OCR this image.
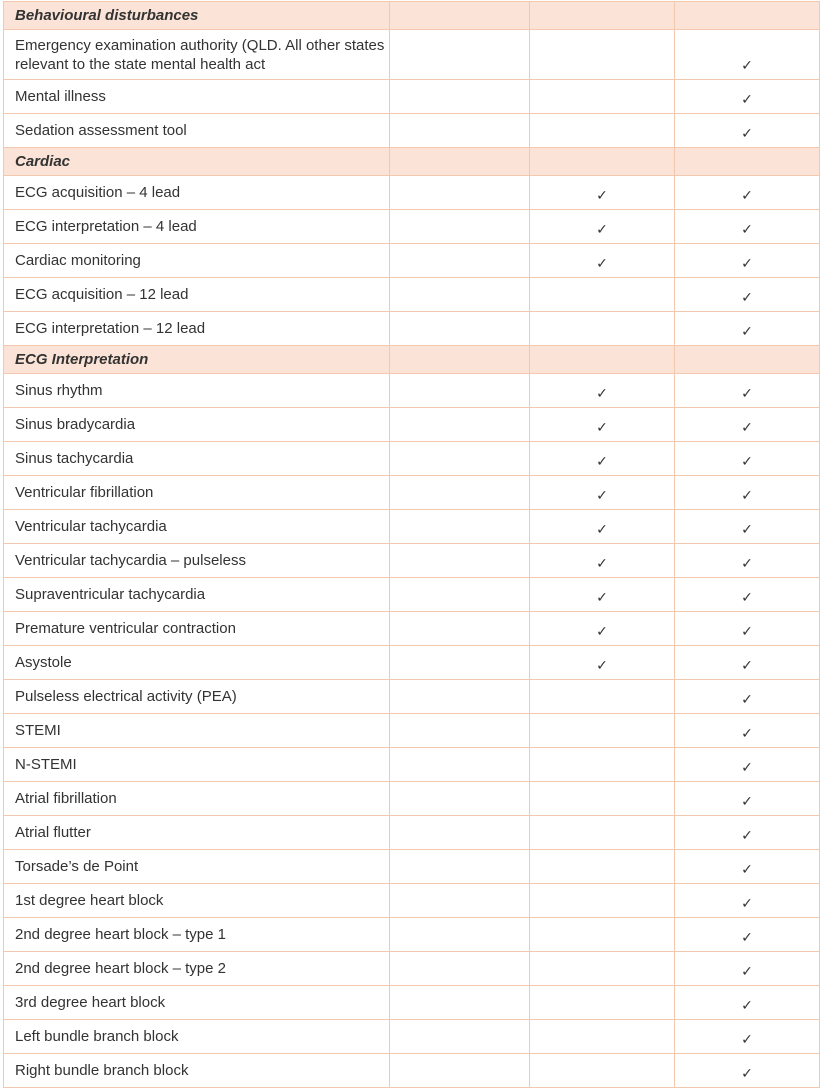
Behavioural disturbances			
Emergency examination authority (QLD. All other states relevant to the state mental health act			✓
Mental illness			✓
Sedation assessment tool			✓
Cardiac			
ECG acquisition – 4 lead		✓	✓
ECG interpretation – 4 lead		✓	✓
Cardiac monitoring		✓	✓
ECG acquisition – 12 lead			✓
ECG interpretation – 12 lead			✓
ECG Interpretation			
Sinus rhythm		✓	✓
Sinus bradycardia		✓	✓
Sinus tachycardia		✓	✓
Ventricular fibrillation		✓	✓
Ventricular tachycardia		✓	✓
Ventricular tachycardia – pulseless		✓	✓
Supraventricular tachycardia		✓	✓
Premature ventricular contraction		✓	✓
Asystole		✓	✓
Pulseless electrical activity (PEA)			✓
STEMI			✓
N-STEMI			✓
Atrial fibrillation			✓
Atrial flutter			✓
Torsade’s de Point			✓
1st degree heart block			✓
2nd degree heart block – type 1			✓
2nd degree heart block – type 2			✓
3rd degree heart block			✓
Left bundle branch block			✓
Right bundle branch block			✓
